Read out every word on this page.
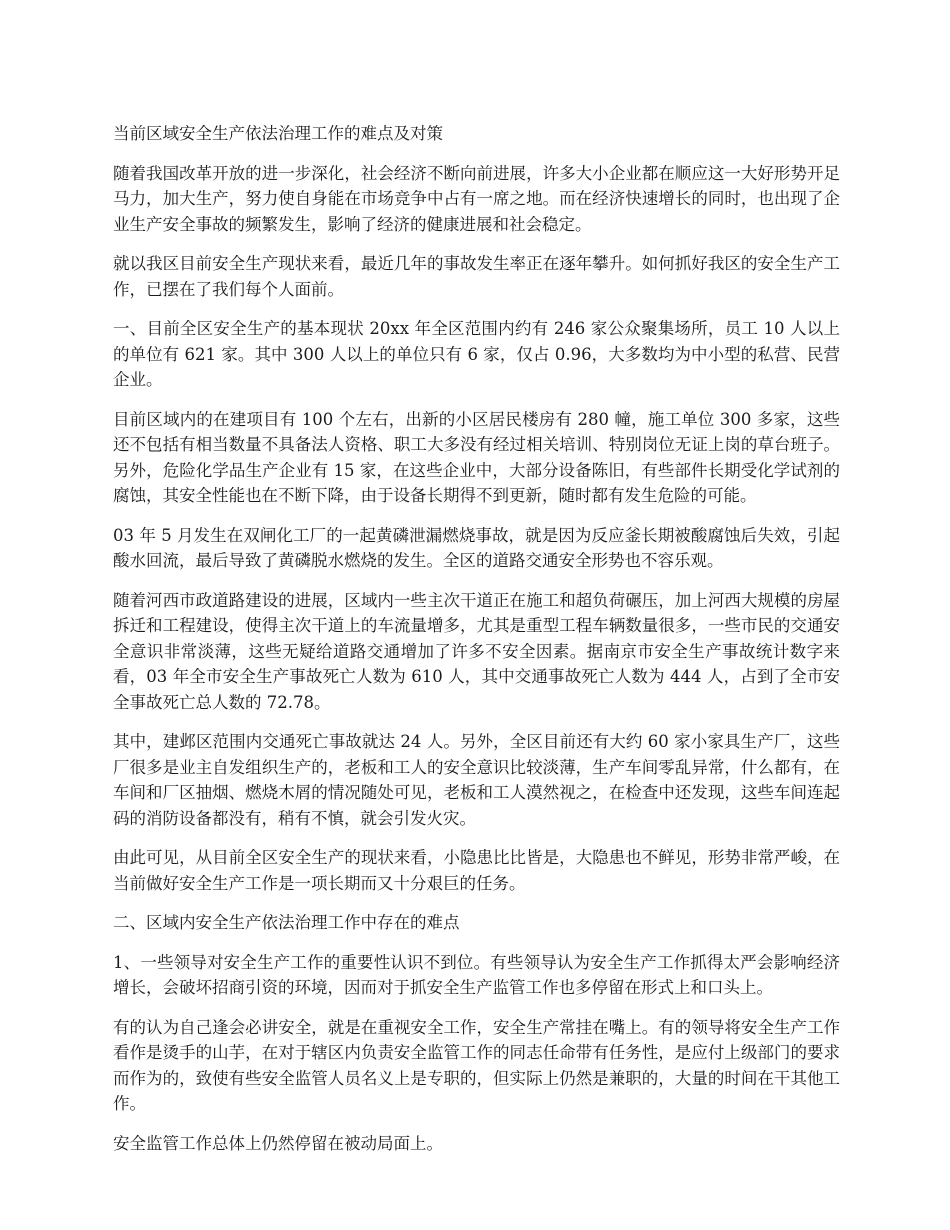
当前区域安全生产依法治理工作的难点及对策

随着我国改革开放的进一步深化，社会经济不断向前进展，许多大小企业都在顺应这一大好形势开足马力，加大生产，努力使自身能在市场竞争中占有一席之地。而在经济快速增长的同时，也出现了企业生产安全事故的频繁发生，影响了经济的健康进展和社会稳定。

就以我区目前安全生产现状来看，最近几年的事故发生率正在逐年攀升。如何抓好我区的安全生产工作，已摆在了我们每个人面前。

一、目前全区安全生产的基本现状 20xx 年全区范围内约有 246 家公众聚集场所，员工 10 人以上的单位有 621 家。其中 300 人以上的单位只有 6 家，仅占 0.96，大多数均为中小型的私营、民营企业。

目前区域内的在建项目有 100 个左右，出新的小区居民楼房有 280 幢，施工单位 300 多家，这些还不包括有相当数量不具备法人资格、职工大多没有经过相关培训、特别岗位无证上岗的草台班子。另外，危险化学品生产企业有 15 家，在这些企业中，大部分设备陈旧，有些部件长期受化学试剂的腐蚀，其安全性能也在不断下降，由于设备长期得不到更新，随时都有发生危险的可能。

03 年 5 月发生在双闸化工厂的一起黄磷泄漏燃烧事故，就是因为反应釜长期被酸腐蚀后失效，引起酸水回流，最后导致了黄磷脱水燃烧的发生。全区的道路交通安全形势也不容乐观。

随着河西市政道路建设的进展，区域内一些主次干道正在施工和超负荷碾压，加上河西大规模的房屋拆迁和工程建设，使得主次干道上的车流量增多，尤其是重型工程车辆数量很多，一些市民的交通安全意识非常淡薄，这些无疑给道路交通增加了许多不安全因素。据南京市安全生产事故统计数字来看，03 年全市安全生产事故死亡人数为 610 人，其中交通事故死亡人数为 444 人，占到了全市安全事故死亡总人数的 72.78。

其中，建邺区范围内交通死亡事故就达 24 人。另外，全区目前还有大约 60 家小家具生产厂，这些厂很多是业主自发组织生产的，老板和工人的安全意识比较淡薄，生产车间零乱异常，什么都有，在车间和厂区抽烟、燃烧木屑的情况随处可见，老板和工人漠然视之，在检查中还发现，这些车间连起码的消防设备都没有，稍有不慎，就会引发火灾。

由此可见，从目前全区安全生产的现状来看，小隐患比比皆是，大隐患也不鲜见，形势非常严峻，在当前做好安全生产工作是一项长期而又十分艰巨的任务。

二、区域内安全生产依法治理工作中存在的难点

1、一些领导对安全生产工作的重要性认识不到位。有些领导认为安全生产工作抓得太严会影响经济增长，会破坏招商引资的环境，因而对于抓安全生产监管工作也多停留在形式上和口头上。

有的认为自己逢会必讲安全，就是在重视安全工作，安全生产常挂在嘴上。有的领导将安全生产工作看作是烫手的山芋，在对于辖区内负责安全监管工作的同志任命带有任务性，是应付上级部门的要求而作为的，致使有些安全监管人员名义上是专职的，但实际上仍然是兼职的，大量的时间在干其他工作。

安全监管工作总体上仍然停留在被动局面上。
